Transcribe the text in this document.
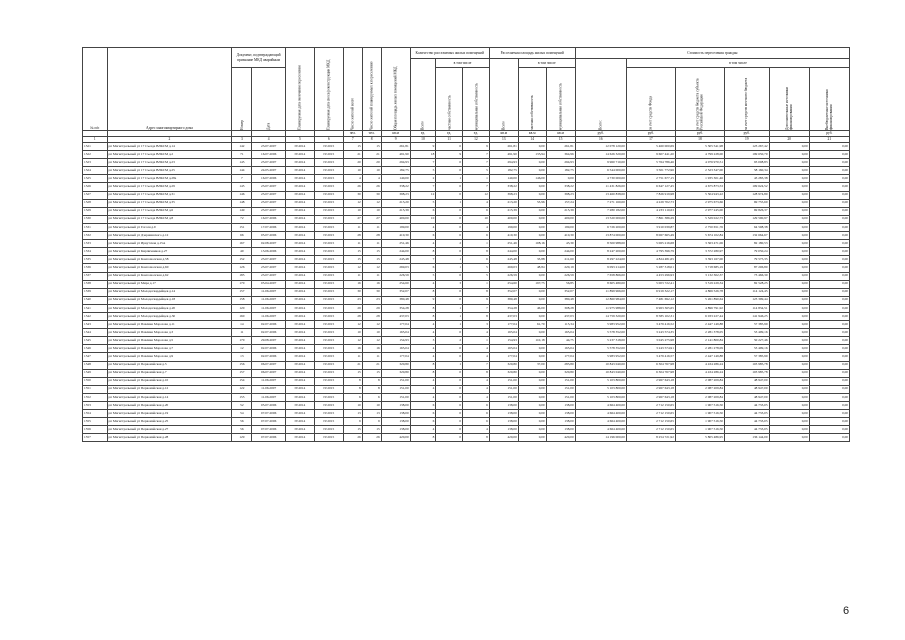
№ п/п	Адрес многоквартирного дома	Документ, подтверждающий признание МКД аварийным		Планируемая дата окончания переселения	Планируемая дата сноса/реконструкции МКД	Число жителей всего	Число жителей планируемых к переселению	Общая площадь жилых помещений МКД	Количество расселяемых жилых помещений			Расселяемая площадь жилых помещений			Стоимость переселения граждан					
									Всего	в том числе		Всего	в том числе		Всего:	в том числе				
		Номер	Дата							частная собственность	муниципальная собственность		частная собственность	муниципальная собственность		за счет средств Фонда	за счет средств бюджета субъекта Российской Федерации	за счет средств местного бюджета	Дополнительные источники финансирования	Внебюджетные источники финансирования
						чел.	чел.	кв.м	ед.	ед.	ед.	кв.м	кв.м	кв.м	руб.	руб.	руб.	руб.		руб.
1	2	3	4	5	6	7	8	9	10	11	12	13	14	15	16	17	18	19	20	21
1521	рп Магистральный ул 17 Съезда ВЛКСМ д.14	142	23.07.2007	IV.2014	IV.2015	15	15	261,81	9	0	9	261,81	0,00	261,81	12 078 120,00	5 460 000,69	5 305 541,98	123 267,42	0,00	0,00
1522	рп Магистральный ул 17 Съезда ВЛКСМ д.2	71	16.07.2006	IV.2014	IV.2015	21	21	491,90	18	9	7	491,90	135,94	364,96	14 626 320,00	9 607 441,20	4 799 228,00	199 650,70	0,00	0,00
1523	рп Магистральный ул 17 Съезда ВЛКСМ д.23	145	23.07.2007	IV.2014	IV.2015	20	20	294,93	7	0	7	294,93	0,00	294,93	9 960 710,00	5 764 786,46	4 076 970,51	93 008,83	0,00	0,00
1524	рп Магистральный ул 17 Съезда ВЛКСМ д.25	144	24.05.2007	IV.2014	IV.2015	10	10	182,75	5	0	5	182,75	0,00	182,75	6 544 000,00	3 501 772,96	2 523 347,00	58 160,34	0,00	0,00
1525	рп Магистральный ул 17 Съезда ВЛКСМ д.28а	7	16.07.2006	IV.2014	IV.2015	4	4	140,00	2	1	1	140,00	146,00	0,00	4 730 000,00	2 751 677,15	1 935 301,46	43 283,38	0,00	0,00
1526	рп Магистральный ул 17 Съезда ВЛКСМ д.29	145	23.07.2007	IV.2014	IV.2015	26	26	338,22	7	0	7	338,22	0,00	338,22	11 431 826,00	6 647 127,45	4 675 873,53	109 624,52	0,00	0,00
1527	рп Магистральный ул 17 Съезда ВЛКСМ д.31	146	23.07.2007	IV.2014	IV.2015	30	30	398,23	12	0	12	398,23	0,00	398,23	13 460 838,00	7 826 919,98	5 504 943,22	128 974,80	0,00	0,00
1528	рп Магистральный ул 17 Съезда ВЛКСМ д.35	148	23.07.2007	IV.2014	IV.2015	12	12	213,20	5	1	4	213,20	53,96	157,24	7 271 160,00	4 229 702,73	2 975 673,66	69 755,60	0,00	0,00
1529	рп Магистральный ул 17 Съезда ВЛКСМ д.6	149	23.07.2007	IV.2014	IV.2015	10	10	215,39	6	0	6	215,39	0,00	215,39	7 280 182,00	4 233 110,63	2 977 245,00	69 826,37	0,00	0,00
1530	рп Магистральный ул 17 Съезда ВЛКСМ д.8	72	16.07.2006	IV.2014	IV.2015	27	27	400,00	10	0	10	400,00	0,00	400,00	13 520 000,00	7 861 386,29	5 529 022,73	129 590,97	0,00	0,00
1531	рп Магистральный ул Гоголя д.9	151	17.07.2006	IV.2014	IV.2015	11	11	199,00	4	0	4	199,00	0,00	199,00	6 726 200,00	3 910 039,87	2 750 651,76	64 508,38	0,00	0,00
1532	рп Магистральный ул Дзержинского д.12	66	05.07.2006	IV.2014	IV.2015	28	28	410,30	6	0	6	410,30	0,00	410,30	13 874 000,00	8 067 665,49	5 674 102,84	132 664,67	0,00	0,00
1533	рп Магистральный ул Иркутская д.15А	167	02.08.2007	IV.2014	IV.2015	11	11	251,46	4	2	1	251,46	108,16	43,30	8 500 988,00	5 065 216,68	3 363 471,06	82 180,53	0,00	0,00
1534	рп Магистральный ул Кирпичников д.27	40	13.06.2006	IV.2014	IV.2015	15	15	244,00	8	0	8	244,00	0,00	244,00	8 247 200,00	4 795 396,79	3 372 280,97	79 050,24	0,00	0,00
1535	рп Магистральный ул Комсомолская д.58	152	23.07.2007	IV.2014	IV.2015	15	15	245,48	7	1	6	245,48	33,88	211,60	8 297 224,00	4 824 481,65	3 393 167,00	79 575,35	0,00	0,00
1536	рп Магистральный ул Комсомолская д.60	126	23.07.2007	IV.2014	IV.2015	12	12	269,03	6	1	5	269,03	48,84	220,19	9 093 214,00	5 287 318,01	3 718 685,19	87 206,80	0,00	0,00
1537	рп Магистральный ул Комсомолская д.62	185	23.07.2007	IV.2014	IV.2015	11	11	226,59	5	0	5	226,59	0,00	226,59	7 658 866,00	4 453 296,93	3 132 302,37	73 466,30	0,00	0,00
1538	рп Магистральный ул Мира д.17	170	05.04.2007	IV.2014	IV.2015	16	16	254,60	4	3	1	254,60	197,75	56,85	8 605 480,00	5 003 722,41	3 519 229,34	82 528,25	0,00	0,00
1539	рп Магистральный ул Молодогвардейцев д.14	157	11.06.2007	IV.2014	IV.2015	30	30	352,07	8	0	8	352,07	0,00	352,07	11 899 966,00	6 919 322,17	4 866 526,78	114 124,45	0,00	0,00
1540	рп Магистральный ул Молодогвардейцев д.18	158	11.06.2007	IV.2014	IV.2015	23	23	380,48	9	0	9	380,48	0,00	380,48	12 860 984,00	7 481 692,12	5 261 890,64	123 399,44	0,00	0,00
1541	рп Магистральный ул Молодогвардейцев д.20	120	11.06.2007	IV.2014	IV.2015	29	29	354,28	8	1	7	354,28	46,00	308,28	11 975 988,00	6 963 365,65	4 896 791,92	114 834,51	0,00	0,00
1542	рп Магистральный ул Молодогвардейцев д.30	160	11.06.2007	IV.2014	IV.2015	28	28	437,03	8	1	8	437,03	0,00	437,03	14 759 320,00	8 585 102,31	6 033 227,44	141 946,25	0,00	0,00
1543	рп Магистральный ул Павлика Морозова д.11	14	02.07.2006	IV.2014	IV.2015	12	12	177,04	4	1	3	177,04	61,70	115,34	5 983 952,00	3 479 416,52	2 447 149,88	57 385,99	0,00	0,00
1544	рп Магистральный ул Павлика Морозова д.3	11	02.07.2006	IV.2014	IV.2015	10	10	165,04	4	0	4	165,04	0,00	165,04	5 578 352,00	3 243 574,35	2 281 378,05	53 499,16	0,00	0,00
1545	рп Магистральный ул Павлика Морозова д.5	170	29.08.2007	IV.2014	IV.2015	12	12	154,93	3	2	1	154,93	110,18	44,75	5 237 318,00	3 045 275,98	2 141 800,84	50 227,46	0,00	0,00
1546	рп Магистральный ул Павлика Морозова д.7	12	02.07.2006	IV.2014	IV.2015	16	16	165,04	4	0	4	165,04	0,00	165,04	5 578 352,00	3 243 574,91	2 281 278,09	53 499,16	0,00	0,00
1547	рп Магистральный ул Павлика Морозова д.9	13	02.07.2006	IV.2014	IV.2015	11	11	177,04	4	0	4	177,04	0,00	177,04	5 983 952,00	3 479 416,57	2 447 149,88	57 385,99	0,00	0,00
1548	рп Магистральный ул Первомайская д.5	156	06.07.2007	IV.2014	IV.2015	21	21	320,80	8	1	7	320,80	37,00	283,80	10 843 040,00	6 304 767,98	4 434 286,24	103 985,78	0,00	0,00
1549	рп Магистральный ул Первомайская д.7	157	06.07.2007	IV.2014	IV.2015	15	15	320,80	8	0	8	320,80	0,00	320,80	10 843 040,00	6 304 767,98	4 434 286,24	103 985,78	0,00	0,00
1550	рп Магистральный ул Первомайская д.10	154	11.06.2007	IV.2014	IV.2015	8	8	151,00	4	0	4	151,00	0,00	151,00	5 103 800,00	2 967 643,18	2 087 209,84	48 947,00	0,00	0,00
1551	рп Магистральный ул Первомайская д.12	122	11.06.2007	IV.2014	IV.2015	8	8	151,00	4	0	4	151,00	0,00	151,00	5 103 800,00	2 967 643,18	2 087 209,84	48 947,00	0,00	0,00
1552	рп Магистральный ул Первомайская д.14	155	11.06.2007	IV.2014	IV.2015	6	6	151,00	4	0	4	151,00	0,00	151,00	5 103 800,00	2 967 643,18	2 087 209,84	48 947,00	0,00	0,00
1553	рп Магистральный ул Первомайская д.20	52	05.07.2006	IV.2014	IV.2015	10	10	138,00	6	0	6	138,00	0,00	138,00	4 664 400,00	2 712 150,65	1 907 516,50	44 733,05	0,00	0,00
1554	рп Магистральный ул Первомайская д.19	54	07.07.2006	IV.2014	IV.2015	13	13	138,00	6	0	6	138,00	0,00	138,00	4 664 400,00	2 712 150,65	1 907 516,50	44 733,05	0,00	0,00
1555	рп Магистральный ул Первомайская д.25	56	07.07.2006	IV.2014	IV.2015	9	9	138,00	6	0	6	138,00	0,00	138,00	4 664 400,00	2 712 150,65	1 907 516,50	44 733,05	0,00	0,00
1556	рп Магистральный ул Первомайская д.27	56	07.07.2006	IV.2014	IV.2015	15	15	138,00	4	0	4	138,00	0,00	138,00	4 664 400,00	2 712 150,65	1 907 516,50	44 733,05	0,00	0,00
1557	рп Магистральный ул Первомайская д.28	129	07.07.2006	IV.2014	IV.2015	26	26	420,00	8	0	8	420,00	0,00	420,00	14 196 000,00	8 254 721,92	5 805 486,95	136 144,00	0,00	0,00
6
